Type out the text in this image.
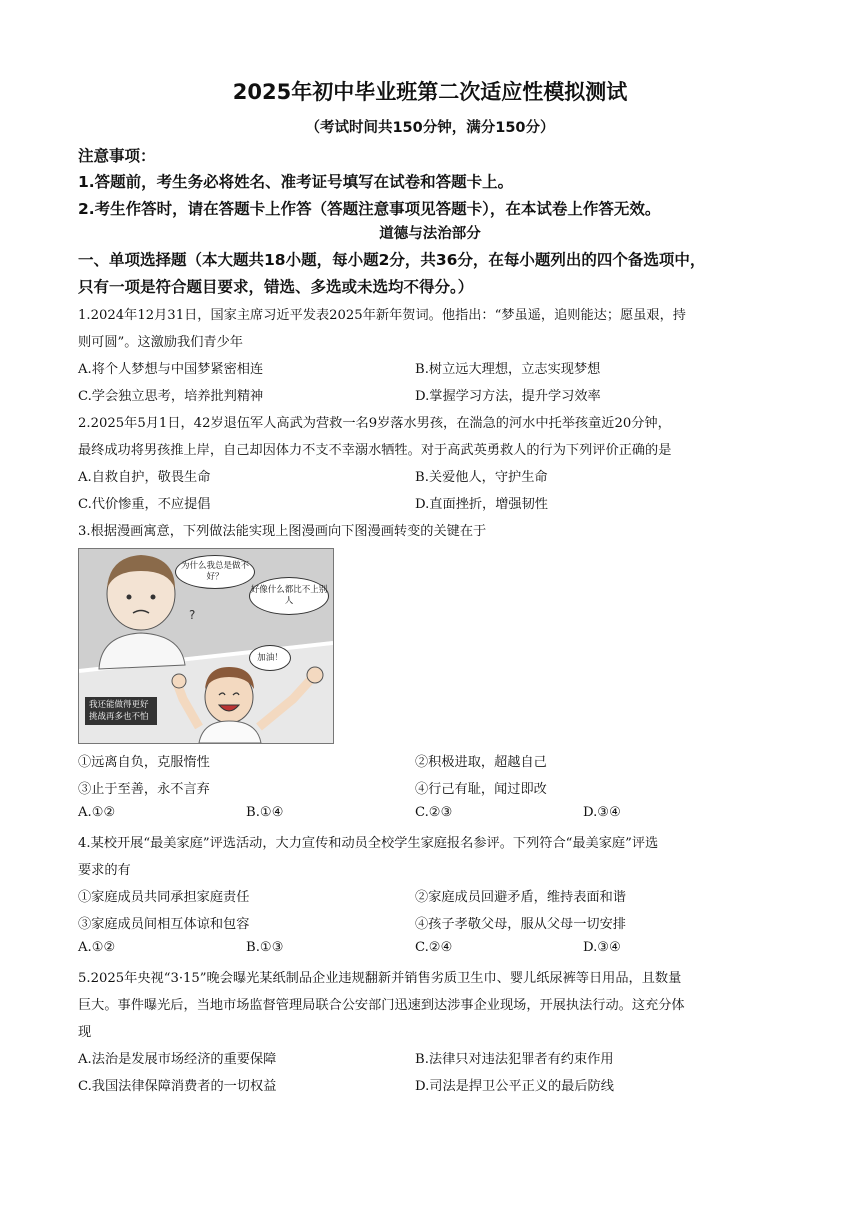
2025年初中毕业班第二次适应性模拟测试
（考试时间共150分钟，满分150分）
注意事项：
1.答题前，考生务必将姓名、准考证号填写在试卷和答题卡上。
2.考生作答时，请在答题卡上作答（答题注意事项见答题卡），在本试卷上作答无效。
道德与法治部分
一、单项选择题（本大题共18小题，每小题2分，共36分，在每小题列出的四个备选项中，
只有一项是符合题目要求，错选、多选或未选均不得分。）
1.2024年12月31日，国家主席习近平发表2025年新年贺词。他指出：“梦虽遥，追则能达；愿虽艰，持
则可圆”。这激励我们青少年
A.将个人梦想与中国梦紧密相连	B.树立远大理想，立志实现梦想
C.学会独立思考，培养批判精神	D.掌握学习方法，提升学习效率
2.2025年5月1日，42岁退伍军人高武为营救一名9岁落水男孩，在湍急的河水中托举孩童近20分钟，
最终成功将男孩推上岸，自己却因体力不支不幸溺水牺牲。对于高武英勇救人的行为下列评价正确的是
A.自救自护，敬畏生命	B.关爱他人，守护生命
C.代价惨重，不应提倡	D.直面挫折，增强韧性
3.根据漫画寓意，下列做法能实现上图漫画向下图漫画转变的关键在于
?
为什么我总是做不好？
好像什么都比不上别人
加油！
我还能做得更好挑战再多也不怕
①远离自负，克服惰性	②积极进取，超越自己
③止于至善，永不言弃	④行己有耻，闻过即改
A.①②	B.①④	C.②③	D.③④
4.某校开展“最美家庭”评选活动，大力宣传和动员全校学生家庭报名参评。下列符合“最美家庭”评选
要求的有
①家庭成员共同承担家庭责任	②家庭成员回避矛盾，维持表面和谐
③家庭成员间相互体谅和包容	④孩子孝敬父母，服从父母一切安排
A.①②	B.①③	C.②④	D.③④
5.2025年央视“3·15”晚会曝光某纸制品企业违规翻新并销售劣质卫生巾、婴儿纸尿裤等日用品，且数量
巨大。事件曝光后，当地市场监督管理局联合公安部门迅速到达涉事企业现场，开展执法行动。这充分体
现
A.法治是发展市场经济的重要保障	B.法律只对违法犯罪者有约束作用
C.我国法律保障消费者的一切权益	D.司法是捍卫公平正义的最后防线
